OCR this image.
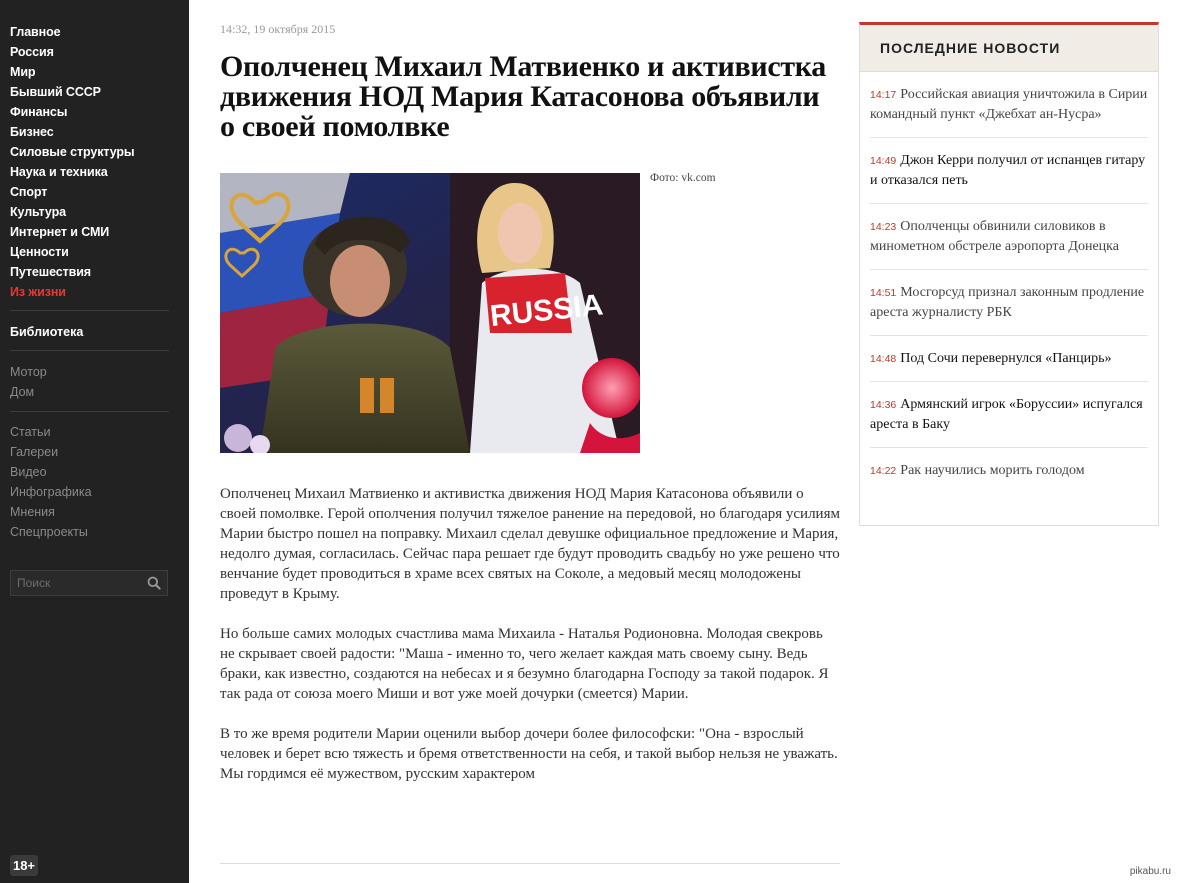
Главное
Россия
Мир
Бывший СССР
Финансы
Бизнес
Силовые структуры
Наука и техника
Спорт
Культура
Интернет и СМИ
Ценности
Путешествия
Из жизни
Библиотека
Мотор
Дом
Статьи
Галереи
Видео
Инфографика
Мнения
Спецпроекты
Поиск
18+
14:32, 19 октября 2015
Ополченец Михаил Матвиенко и активистка движения НОД Мария Катасонова объявили о своей помолвке
RUSSIA
Фото: vk.com

Ополченец Михаил Матвиенко и активистка движения НОД Мария Катасонова объявили о своей помолвке. Герой ополчения получил тяжелое ранение на передовой, но благодаря усилиям Марии быстро пошел на поправку. Михаил сделал девушке официальное предложение и Мария, недолго думая, согласилась. Сейчас пара решает где будут проводить свадьбу но уже решено что венчание будет проводиться в храме всех святых на Соколе, а медовый месяц молодожены проведут в Крыму.

Но больше самих молодых счастлива мама Михаила - Наталья Родионовна. Молодая свекровь не скрывает своей радости: "Маша - именно то, чего желает каждая мать своему сыну. Ведь браки, как известно, создаются на небесах и я безумно благодарна Господу за такой подарок. Я так рада от союза моего Миши и вот уже моей дочурки (смеется) Марии.

В то же время родители Марии оценили выбор дочери более философски: "Она - взрослый человек и берет всю тяжесть и бремя ответственности на себя, и такой выбор нельзя не уважать. Мы гордимся её мужеством, русским характером

ПОСЛЕДНИЕ НОВОСТИ
14:17 Российская авиация уничтожила в Сирии командный пункт «Джебхат ан-Нусра»
14:49 Джон Керри получил от испанцев гитару и отказался петь
14:23 Ополченцы обвинили силовиков в минометном обстреле аэропорта Донецка
14:51 Мосгорсуд признал законным продление ареста журналисту РБК
14:48 Под Сочи перевернулся «Панцирь»
14:36 Армянский игрок «Боруссии» испугался ареста в Баку
14:22 Рак научились морить голодом
pikabu.ru
